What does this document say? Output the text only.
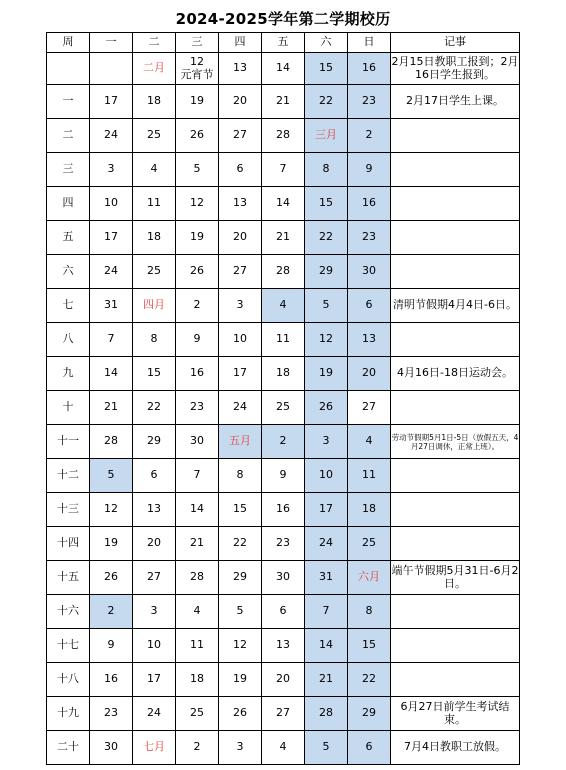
2024-2025学年第二学期校历
周	一	二	三	四	五	六	日	记事
		二月	12
元宵节	13	14	15	16	2月15日教职工报到；2月16日学生报到。
一	17	18	19	20	21	22	23	2月17日学生上课。
二	24	25	26	27	28	三月	2	
三	3	4	5	6	7	8	9	
四	10	11	12	13	14	15	16	
五	17	18	19	20	21	22	23	
六	24	25	26	27	28	29	30	
七	31	四月	2	3	4	5	6	清明节假期4月4日-6日。
八	7	8	9	10	11	12	13	
九	14	15	16	17	18	19	20	4月16日-18日运动会。
十	21	22	23	24	25	26	27	
十一	28	29	30	五月	2	3	4	劳动节假期5月1日-5日（放假五天，4月27日调休，正常上班）。
十二	5	6	7	8	9	10	11	
十三	12	13	14	15	16	17	18	
十四	19	20	21	22	23	24	25	
十五	26	27	28	29	30	31	六月	端午节假期5月31日-6月2日。
十六	2	3	4	5	6	7	8	
十七	9	10	11	12	13	14	15	
十八	16	17	18	19	20	21	22	
十九	23	24	25	26	27	28	29	6月27日前学生考试结束。
二十	30	七月	2	3	4	5	6	7月4日教职工放假。
